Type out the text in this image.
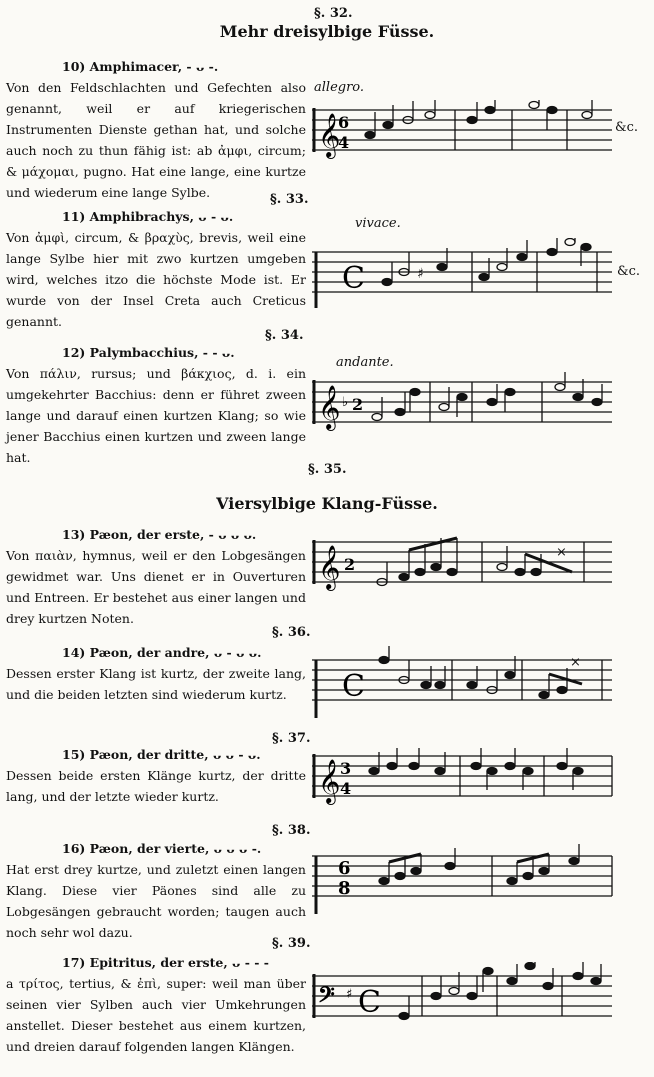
§. 32.
Mehr dreisylbige Füsse.
10) Amphimacer, - ᴗ -.
Von den Feldschlachten und Gefechten also genannt, weil er auf kriegerischen Instrumenten Dienste gethan hat, und solche auch noch zu thun fähig ist: ab ἀμφι, circum; & μάχομαι, pugno. Hat eine lange, eine kurtze und wiederum eine lange Sylbe.
allegro.
𝄞
6
4
&c.
§. 33.
11) Amphibrachys, ᴗ - ᴗ.
Von ἀμφὶ, circum, & βραχὺς, brevis, weil eine lange Sylbe hier mit zwo kurtzen umgeben wird, welches itzo die höchste Mode ist. Er wurde von der Insel Creta auch Creticus genannt.
vivace.
C	♯	&c.
§. 34.
12) Palymbacchius, - - ᴗ.
Von πάλιν, rursus; und βάκχιος, d. i. ein umgekehrter Bacchius: denn er führet zween lange und darauf einen kurtzen Klang; so wie jener Bacchius einen kurtzen und zween lange hat.
andante.
𝄞 ♭ 2
§. 35.
Viersylbige Klang-Füsse.
13) Pæon, der erste, - ᴗ ᴗ ᴗ.
Von παιὰν, hymnus, weil er den Lobgesängen gewidmet war. Uns dienet er in Ouverturen und Entreen. Er bestehet aus einer langen und drey kurtzen Noten.
𝄞 2
×
§. 36.
14) Pæon, der andre, ᴗ - ᴗ ᴗ.
Dessen erster Klang ist kurtz, der zweite lang, und die beiden letzten sind wiederum kurtz.	C
×
§. 37.
15) Pæon, der dritte, ᴗ ᴗ - ᴗ.
Dessen beide ersten Klänge kurtz, der dritte lang, und der letzte wieder kurtz.	𝄞 3
4
§. 38.
16) Pæon, der vierte, ᴗ ᴗ ᴗ -.
Hat erst drey kurtze, und zuletzt einen langen Klang. Diese vier Päones sind alle zu Lobgesängen gebraucht worden; taugen auch noch sehr wol dazu.
6
8
§. 39.
17) Epitritus, der erste, ᴗ - - -
a τρίτος, tertius, & ἐπὶ, super: weil man über seinen vier Sylben auch vier Umkehrungen anstellet. Dieser bestehet aus einem kurtzen, und dreien darauf folgenden langen Klängen.
𝄢 ♯ C
